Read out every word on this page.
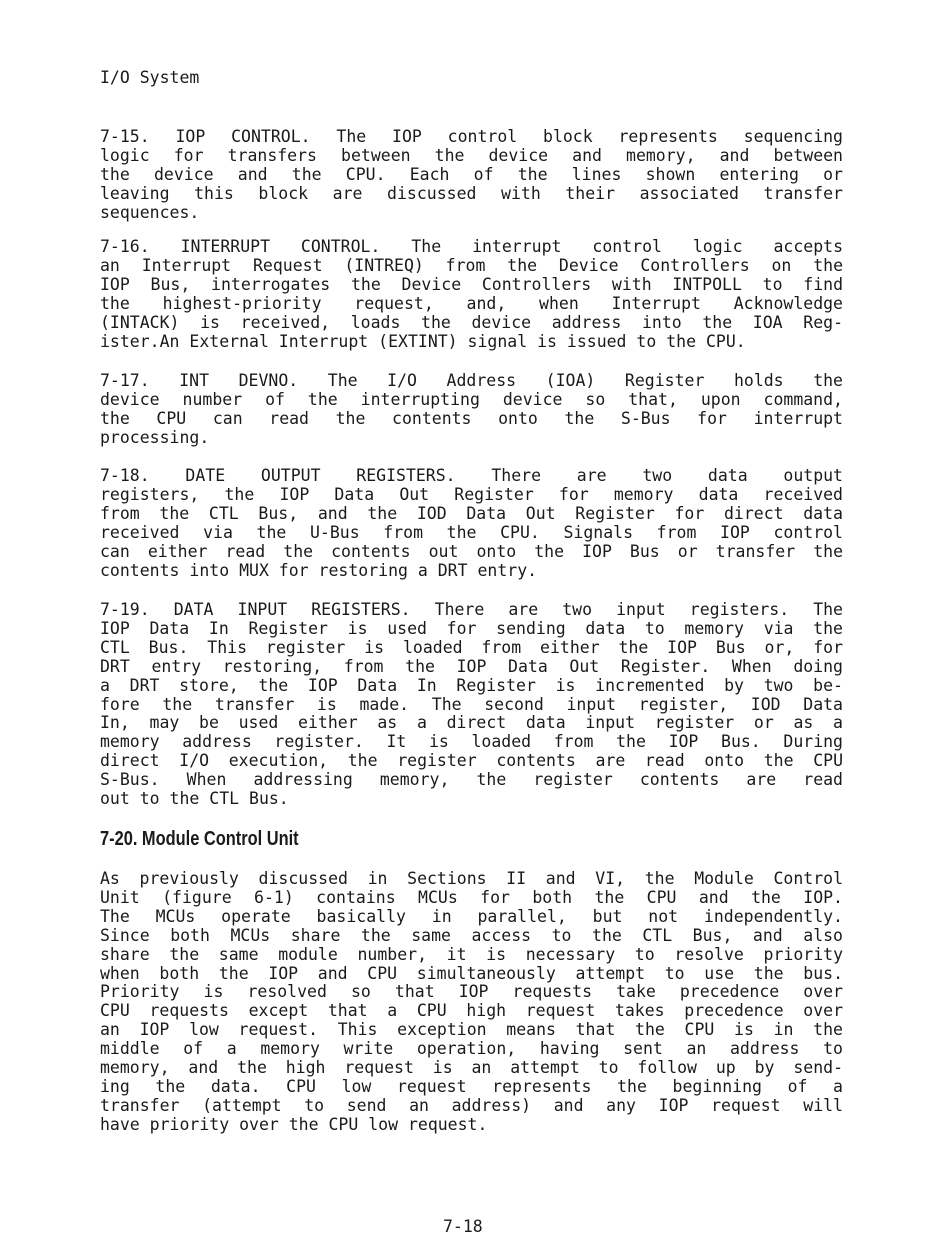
I/O System
7-15. IOP CONTROL. The IOP control block represents sequencing
logic for transfers between the device and memory, and between
the device and the CPU. Each of the lines shown entering or
leaving this block are discussed with their associated transfer
sequences.
7-16. INTERRUPT CONTROL. The interrupt control logic accepts
an Interrupt Request (INTREQ) from the Device Controllers on the
IOP Bus, interrogates the Device Controllers with INTPOLL to find
the highest-priority request, and, when Interrupt Acknowledge
(INTACK) is received, loads the device address into the IOA Reg-
ister.An External Interrupt (EXTINT) signal is issued to the CPU.
7-17. INT DEVNO. The I/O Address (IOA) Register holds the
device number of the interrupting device so that, upon command,
the CPU can read the contents onto the S-Bus for interrupt
processing.
7-18. DATE OUTPUT REGISTERS. There are two data output
registers, the IOP Data Out Register for memory data received
from the CTL Bus, and the IOD Data Out Register for direct data
received via the U-Bus from the CPU. Signals from IOP control
can either read the contents out onto the IOP Bus or transfer the
contents into MUX for restoring a DRT entry.
7-19. DATA INPUT REGISTERS. There are two input registers. The
IOP Data In Register is used for sending data to memory via the
CTL Bus. This register is loaded from either the IOP Bus or, for
DRT entry restoring, from the IOP Data Out Register. When doing
a DRT store, the IOP Data In Register is incremented by two be-
fore the transfer is made. The second input register, IOD Data
In, may be used either as a direct data input register or as a
memory address register. It is loaded from the IOP Bus. During
direct I/O execution, the register contents are read onto the CPU
S-Bus. When addressing memory, the register contents are read
out to the CTL Bus.
7-20. Module Control Unit
As previously discussed in Sections II and VI, the Module Control
Unit (figure 6-1) contains MCUs for both the CPU and the IOP.
The MCUs operate basically in parallel, but not independently.
Since both MCUs share the same access to the CTL Bus, and also
share the same module number, it is necessary to resolve priority
when both the IOP and CPU simultaneously attempt to use the bus.
Priority is resolved so that IOP requests take precedence over
CPU requests except that a CPU high request takes precedence over
an IOP low request. This exception means that the CPU is in the
middle of a memory write operation, having sent an address to
memory, and the high request is an attempt to follow up by send-
ing the data. CPU low request represents the beginning of a
transfer (attempt to send an address) and any IOP request will
have priority over the CPU low request.
7-18
